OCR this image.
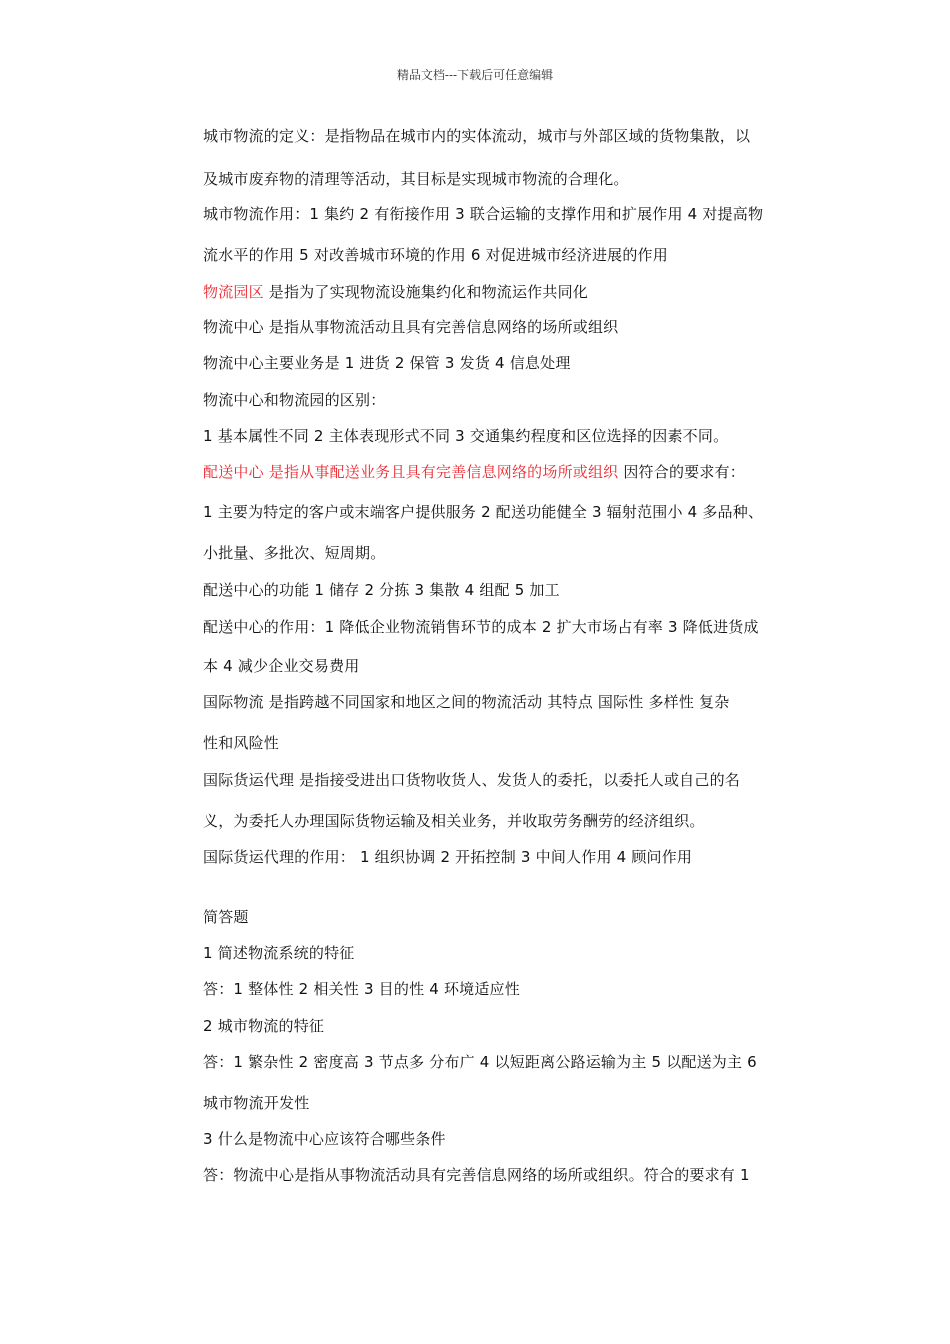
精品文档---下载后可任意编辑
城市物流的定义：是指物品在城市内的实体流动，城市与外部区域的货物集散，以
及城市废弃物的清理等活动，其目标是实现城市物流的合理化。
城市物流作用：1 集约 2 有衔接作用 3 联合运输的支撑作用和扩展作用 4 对提高物
流水平的作用 5 对改善城市环境的作用 6 对促进城市经济进展的作用
物流园区 是指为了实现物流设施集约化和物流运作共同化
物流中心 是指从事物流活动且具有完善信息网络的场所或组织
物流中心主要业务是 1 进货 2 保管 3 发货 4 信息处理
物流中心和物流园的区别：
1 基本属性不同 2 主体表现形式不同 3 交通集约程度和区位选择的因素不同。
配送中心 是指从事配送业务且具有完善信息网络的场所或组织 因符合的要求有：
1 主要为特定的客户或末端客户提供服务 2 配送功能健全 3 辐射范围小 4 多品种、
小批量、多批次、短周期。
配送中心的功能 1 储存 2 分拣 3 集散 4 组配 5 加工
配送中心的作用：1 降低企业物流销售环节的成本 2 扩大市场占有率 3 降低进货成
本 4 减少企业交易费用
国际物流 是指跨越不同国家和地区之间的物流活动 其特点 国际性 多样性 复杂
性和风险性
国际货运代理 是指接受进出口货物收货人、发货人的委托，以委托人或自己的名
义，为委托人办理国际货物运输及相关业务，并收取劳务酬劳的经济组织。
国际货运代理的作用： 1 组织协调 2 开拓控制 3 中间人作用 4 顾问作用
简答题
1 简述物流系统的特征
答：1 整体性 2 相关性 3 目的性 4 环境适应性
2 城市物流的特征
答：1 繁杂性 2 密度高 3 节点多 分布广 4 以短距离公路运输为主 5 以配送为主 6
城市物流开发性
3 什么是物流中心应该符合哪些条件
答：物流中心是指从事物流活动具有完善信息网络的场所或组织。符合的要求有 1
